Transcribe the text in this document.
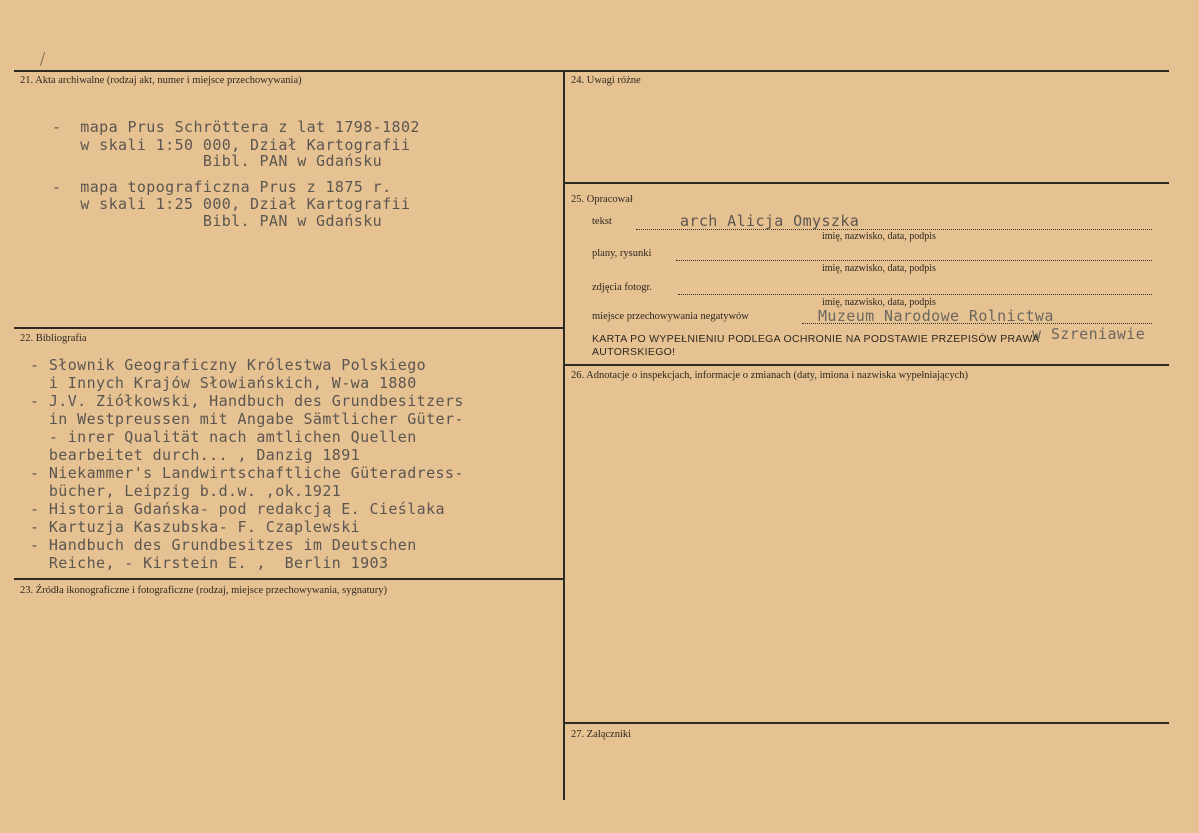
21. Akta archiwalne (rodzaj akt, numer i miejsce przechowywania)
-  mapa Prus Schröttera z lat 1798-1802
w skali 1:50 000, Dział Kartografii
Bibl. PAN w Gdańsku
-  mapa topograficzna Prus z 1875 r.
w skali 1:25 000, Dział Kartografii
Bibl. PAN w Gdańsku
22. Bibliografia
- Słownik Geograficzny Królestwa Polskiego
i Innych Krajów Słowiańskich, W-wa 1880
- J.V. Ziółkowski, Handbuch des Grundbesitzers
in Westpreussen mit Angabe Sämtlicher Güter-
- inrer Qualität nach amtlichen Quellen
bearbeitet durch... , Danzig 1891
- Niekammer's Landwirtschaftliche Güteradress-
bücher, Leipzig b.d.w. ,ok.1921
- Historia Gdańska- pod redakcją E. Cieślaka
- Kartuzja Kaszubska- F. Czaplewski
- Handbuch des Grundbesitzes im Deutschen
Reiche, - Kirstein E. ,  Berlin 1903
23. Źródła ikonograficzne i fotograficzne (rodzaj, miejsce przechowywania, sygnatury)
24. Uwagi różne
25. Opracował
tekst	arch Alicja Omyszka
imię, nazwisko, data, podpis
plany, rysunki
imię, nazwisko, data, podpis
zdjęcia fotogr.
imię, nazwisko, data, podpis
miejsce przechowywania negatywów	Muzeum Narodowe Rolnictwa
w Szreniawie
KARTA PO WYPEŁNIENIU PODLEGA OCHRONIE NA PODSTAWIE PRZEPISÓW PRAWA
AUTORSKIEGO!
26. Adnotacje o inspekcjach, informacje o zmianach (daty, imiona i nazwiska wypełniających)
27. Załączniki
